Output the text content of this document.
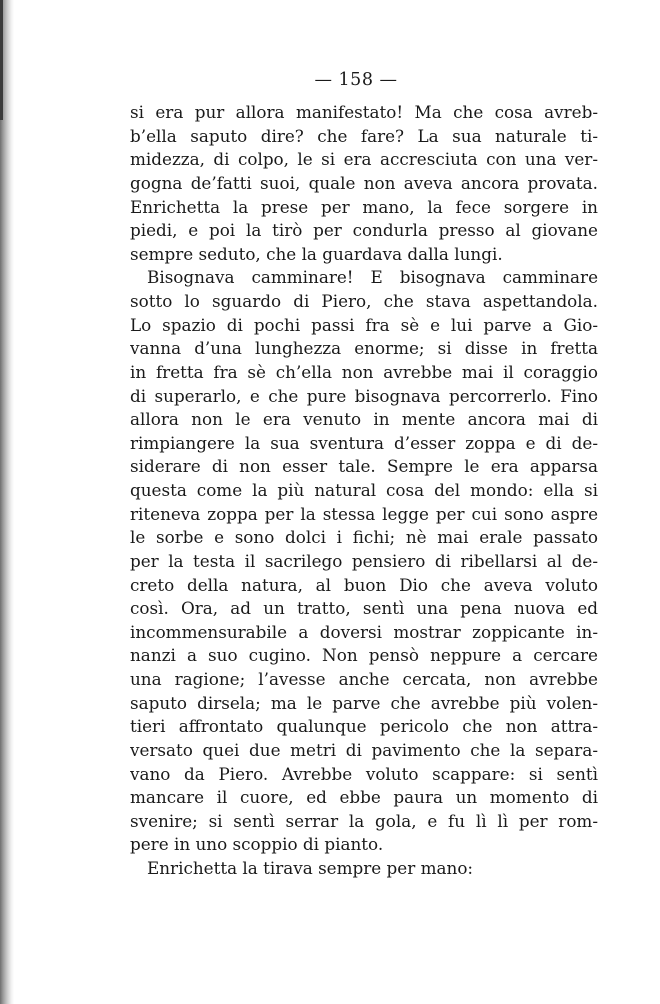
— 158 —
si era pur allora manifestato! Ma che cosa avreb-
b’ella saputo dire? che fare? La sua naturale ti-
midezza, di colpo, le si era accresciuta con una ver-
gogna de’fatti suoi, quale non aveva ancora provata.
Enrichetta la prese per mano, la fece sorgere in
piedi, e poi la tirò per condurla presso al giovane
sempre seduto, che la guardava dalla lungi.
Bisognava camminare! E bisognava camminare
sotto lo sguardo di Piero, che stava aspettandola.
Lo spazio di pochi passi fra sè e lui parve a Gio-
vanna d’una lunghezza enorme; si disse in fretta
in fretta fra sè ch’ella non avrebbe mai il coraggio
di superarlo, e che pure bisognava percorrerlo. Fino
allora non le era venuto in mente ancora mai di
rimpiangere la sua sventura d’esser zoppa e di de-
siderare di non esser tale. Sempre le era apparsa
questa come la più natural cosa del mondo: ella si
riteneva zoppa per la stessa legge per cui sono aspre
le sorbe e sono dolci i fichi; nè mai erale passato
per la testa il sacrilego pensiero di ribellarsi al de-
creto della natura, al buon Dio che aveva voluto
così. Ora, ad un tratto, sentì una pena nuova ed
incommensurabile a doversi mostrar zoppicante in-
nanzi a suo cugino. Non pensò neppure a cercare
una ragione; l’avesse anche cercata, non avrebbe
saputo dirsela; ma le parve che avrebbe più volen-
tieri affrontato qualunque pericolo che non attra-
versato quei due metri di pavimento che la separa-
vano da Piero. Avrebbe voluto scappare: si sentì
mancare il cuore, ed ebbe paura un momento di
svenire; si sentì serrar la gola, e fu lì lì per rom-
pere in uno scoppio di pianto.
Enrichetta la tirava sempre per mano:
